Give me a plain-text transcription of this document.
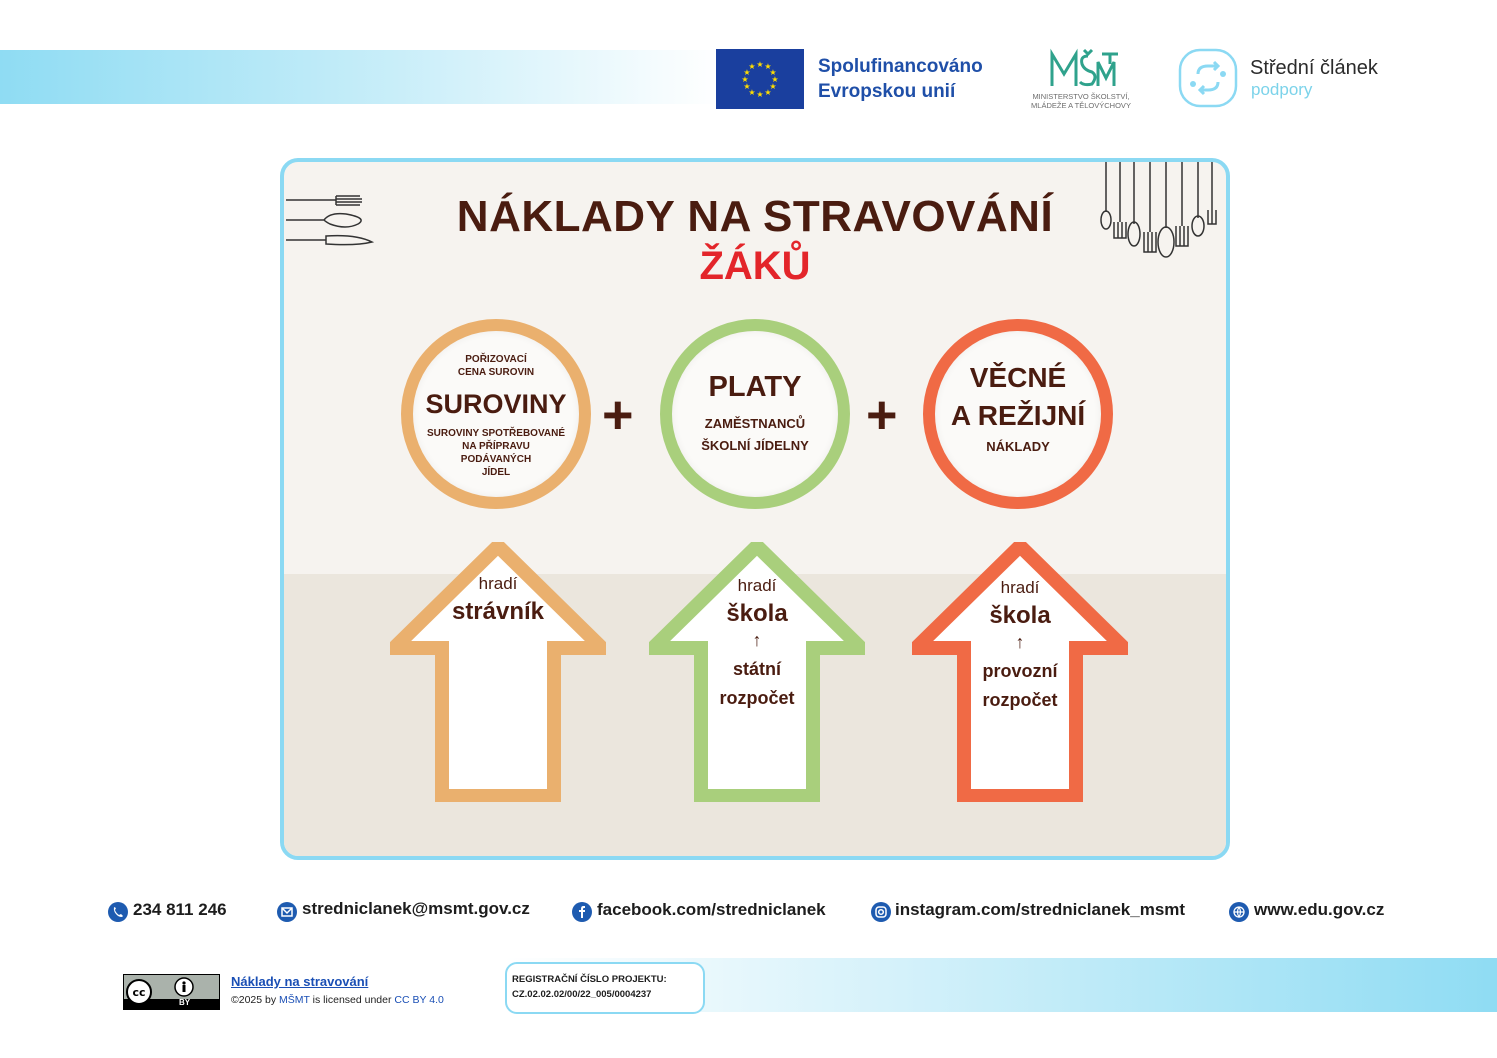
★ ★
★
★
★
★
★
★
★
★
★
★	Spolufinancováno
Evropskou unií	MINISTERSTVO ŠKOLSTVÍ,
MLÁDEŽE A TĚLOVÝCHOVY
Střední článek
podpory
NÁKLADY NA STRAVOVÁNÍ
ŽÁKŮ
POŘIZOVACÍ
CENA SUROVIN
SUROVINY
SUROVINY SPOTŘEBOVANÉ
NA PŘÍPRAVU
PODÁVANÝCH
JÍDEL
+	PLATY
ZAMĚSTNANCŮ
ŠKOLNÍ JÍDELNY
+
VĚCNÉ
A REŽIJNÍ
NÁKLADY
hradí
strávník
hradí
škola
↑
státní
rozpočet
hradí
škola
↑
provozní
rozpočet
234 811 246	stredniclanek@msmt.gov.cz	facebook.com/stredniclanek	instagram.com/stredniclanek_msmt	www.edu.gov.cz
REGISTRAČNÍ ČÍSLO PROJEKTU:
CZ.02.02.02/00/22_005/0004237
cc
BY
Náklady na stravování
©2025 by MŠMT is licensed under CC BY 4.0
